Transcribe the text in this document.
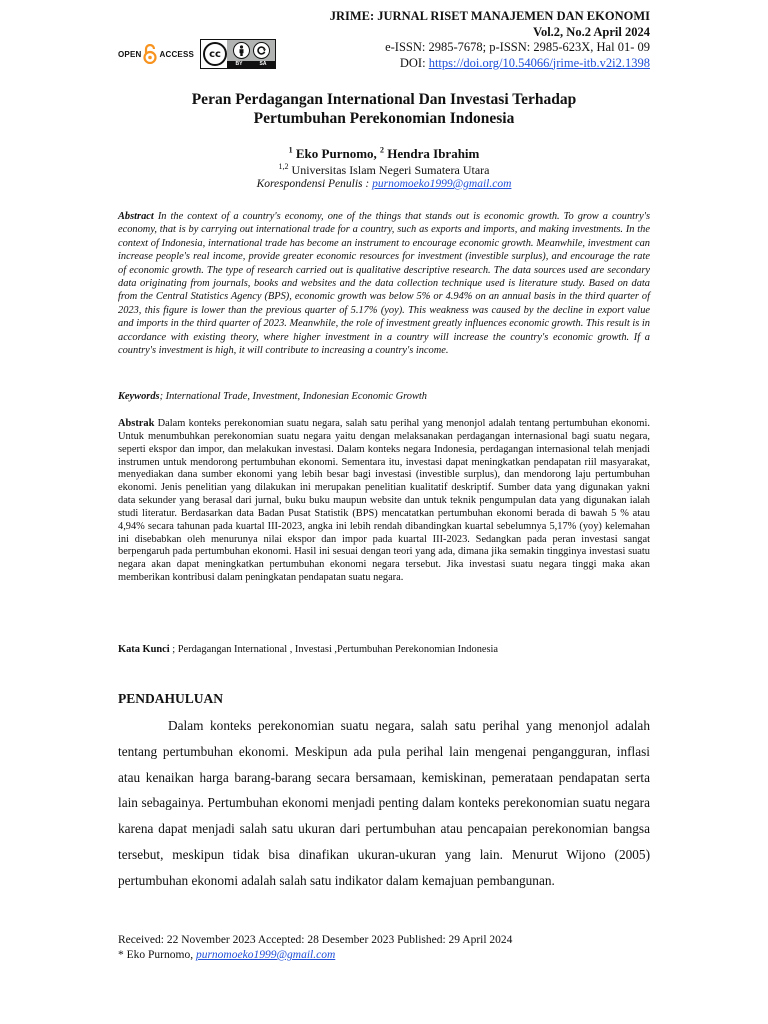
OPEN ACCESS cc
BY	SA
JRIME: JURNAL RISET MANAJEMEN DAN EKONOMI
Vol.2, No.2 April 2024
e-ISSN: 2985-7678; p-ISSN: 2985-623X, Hal 01- 09
DOI: https://doi.org/10.54066/jrime-itb.v2i2.1398
Peran Perdagangan International Dan Investasi Terhadap
Pertumbuhan Perekonomian Indonesia
$^1$ Eko Purnomo, $^2$ Hendra Ibrahim
$^{1,2}$ Universitas Islam Negeri Sumatera Utara
Korespondensi Penulis : purnomoeko1999@gmail.com
Abstract In the context of a country's economy, one of the things that stands out is economic growth. To grow a country's economy, that is by carrying out international trade for a country, such as exports and imports, and making investments. In the context of Indonesia, international trade has become an instrument to encourage economic growth. Meanwhile, investment can increase people's real income, provide greater economic resources for investment (investible surplus), and encourage the rate of economic growth. The type of research carried out is qualitative descriptive research. The data sources used are secondary data originating from journals, books and websites and the data collection technique used is literature study. Based on data from the Central Statistics Agency (BPS), economic growth was below 5% or 4.94% on an annual basis in the third quarter of 2023, this figure is lower than the previous quarter of 5.17% (yoy). This weakness was caused by the decline in export value and imports in the third quarter of 2023. Meanwhile, the role of investment greatly influences economic growth. This result is in accordance with existing theory, where higher investment in a country will increase the country's economic growth. If a country's investment is high, it will contribute to increasing a country's income.
Keywords; International Trade, Investment, Indonesian Economic Growth
Abstrak Dalam konteks perekonomian suatu negara, salah satu perihal yang menonjol adalah tentang pertumbuhan ekonomi. Untuk menumbuhkan perekonomian suatu negara yaitu dengan melaksanakan perdagangan internasional bagi suatu negara, seperti ekspor dan impor, dan melakukan investasi. Dalam konteks negara Indonesia, perdagangan internasional telah menjadi instrumen untuk mendorong pertumbuhan ekonomi. Sementara itu, investasi dapat meningkatkan pendapatan riil masyarakat, menyediakan dana sumber ekonomi yang lebih besar bagi investasi (investible surplus), dan mendorong laju pertumbuhan ekonomi. Jenis penelitian yang dilakukan ini merupakan penelitian kualitatif deskriptif. Sumber data yang digunakan yakni data sekunder yang berasal dari jurnal, buku buku maupun website dan untuk teknik pengumpulan data yang digunakan ialah studi literatur. Berdasarkan data Badan Pusat Statistik (BPS) mencatatkan pertumbuhan ekonomi berada di bawah 5 % atau 4,94% secara tahunan pada kuartal III-2023, angka ini lebih rendah dibandingkan kuartal sebelumnya 5,17% (yoy) kelemahan ini disebabkan oleh menurunya nilai ekspor dan impor pada kuartal III-2023. Sedangkan pada peran investasi sangat berpengaruh pada pertumbuhan ekonomi. Hasil ini sesuai dengan teori yang ada, dimana jika semakin tingginya investasi suatu negara akan dapat meningkatkan pertumbuhan ekonomi negara tersebut. Jika investasi suatu negara tinggi maka akan memberikan kontribusi dalam peningkatan pendapatan suatu negara.
Kata Kunci ; Perdagangan International , Investasi ,Pertumbuhan Perekonomian Indonesia
PENDAHULUAN
Dalam konteks perekonomian suatu negara, salah satu perihal yang menonjol adalah tentang pertumbuhan ekonomi. Meskipun ada pula perihal lain mengenai pengangguran, inflasi atau kenaikan harga barang-barang secara bersamaan, kemiskinan, pemerataan pendapatan serta lain sebagainya. Pertumbuhan ekonomi menjadi penting dalam konteks perekonomian suatu negara karena dapat menjadi salah satu ukuran dari pertumbuhan atau pencapaian perekonomian bangsa tersebut, meskipun tidak bisa dinafikan ukuran-ukuran yang lain. Menurut Wijono (2005) pertumbuhan ekonomi adalah salah satu indikator dalam kemajuan pembangunan.
Received: 22 November 2023 Accepted: 28 Desember 2023 Published: 29 April 2024
* Eko Purnomo, purnomoeko1999@gmail.com
